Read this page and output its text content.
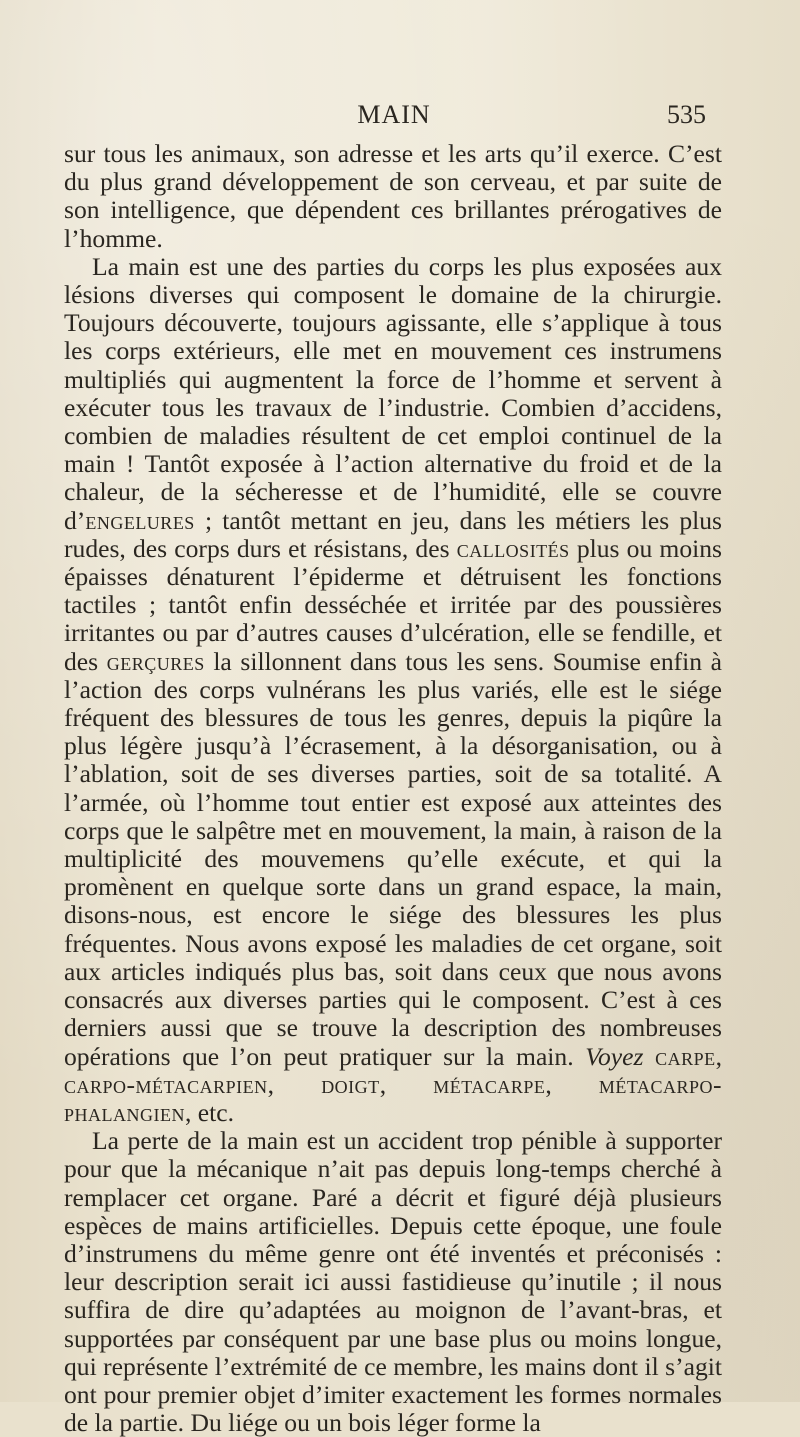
MAIN	535

sur tous les animaux, son adresse et les arts qu’il exerce. C’est du plus grand développement de son cerveau, et par suite de son intelligence, que dépendent ces brillantes prérogatives de l’homme.

La main est une des parties du corps les plus exposées aux lésions diverses qui composent le domaine de la chirurgie. Toujours découverte, toujours agissante, elle s’applique à tous les corps extérieurs, elle met en mouvement ces instrumens multipliés qui augmentent la force de l’homme et servent à exécuter tous les travaux de l’industrie. Combien d’accidens, combien de maladies résultent de cet emploi continuel de la main ! Tantôt exposée à l’action alternative du froid et de la chaleur, de la sécheresse et de l’humidité, elle se couvre d’engelures ; tantôt mettant en jeu, dans les métiers les plus rudes, des corps durs et résistans, des callosités plus ou moins épaisses dénaturent l’épiderme et détruisent les fonctions tactiles ; tantôt enfin desséchée et irritée par des poussières irritantes ou par d’autres causes d’ulcération, elle se fendille, et des gerçures la sillonnent dans tous les sens. Soumise enfin à l’action des corps vulnérans les plus variés, elle est le siége fréquent des blessures de tous les genres, depuis la piqûre la plus légère jusqu’à l’écrasement, à la désorganisation, ou à l’ablation, soit de ses diverses parties, soit de sa totalité. A l’armée, où l’homme tout entier est exposé aux atteintes des corps que le salpêtre met en mouvement, la main, à raison de la multiplicité des mouvemens qu’elle exécute, et qui la promènent en quelque sorte dans un grand espace, la main, disons-nous, est encore le siége des blessures les plus fréquentes. Nous avons exposé les maladies de cet organe, soit aux articles indiqués plus bas, soit dans ceux que nous avons consacrés aux diverses parties qui le composent. C’est à ces derniers aussi que se trouve la description des nombreuses opérations que l’on peut pratiquer sur la main. Voyez carpe, carpo-métacarpien, doigt, métacarpe, métacarpo-phalangien, etc.

La perte de la main est un accident trop pénible à supporter pour que la mécanique n’ait pas depuis long-temps cherché à remplacer cet organe. Paré a décrit et figuré déjà plusieurs espèces de mains artificielles. Depuis cette époque, une foule d’instrumens du même genre ont été inventés et préconisés : leur description serait ici aussi fastidieuse qu’inutile ; il nous suffira de dire qu’adaptées au moignon de l’avant-bras, et supportées par conséquent par une base plus ou moins longue, qui représente l’extrémité de ce membre, les mains dont il s’agit ont pour premier objet d’imiter exactement les formes normales de la partie. Du liége ou un bois léger forme la
